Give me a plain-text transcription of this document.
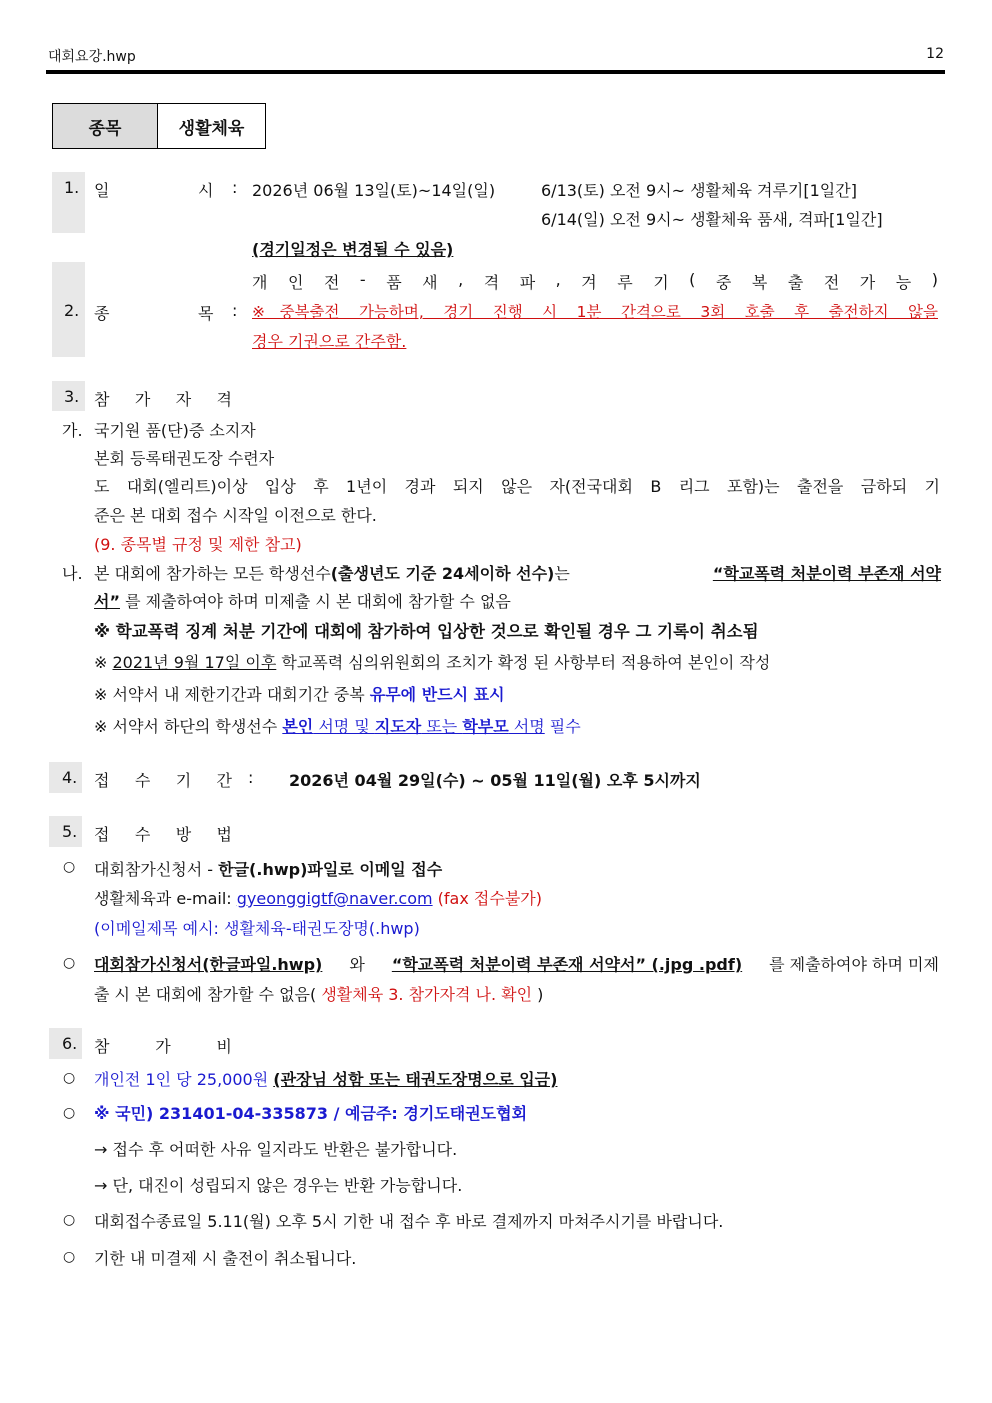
대회요강.hwp	12
종목	생활체육
1. 일	시 : 2026년 06월 13일(토)~14일(일)	6/13(토) 오전 9시~ 생활체육 겨루기[1일간]
6/14(일) 오전 9시~ 생활체육 품새, 격파[1일간]
(경기일정은 변경될 수 있음)
2. 종	목 :
개 인 전 - 품 새 , 격 파 , 겨 루 기 ( 중 복 출 전 가 능 )
※중복출전 가능하며, 경기 진행 시 1분 간격으로 3회 호출 후 출전하지 않을
경우 기권으로 간주함.
3. 참 가 자 격
가. 국기원 품(단)증 소지자
본회 등록태권도장 수련자
도 대회(엘리트)이상 입상 후 1년이 경과 되지 않은 자(전국대회 B 리그 포함)는 출전을 금하되 기
준은 본 대회 접수 시작일 이전으로 한다.
(9. 종목별 규정 및 제한 참고)
나. 본 대회에 참가하는 모든 학생선수(출생년도 기준 24세이하 선수)는	“학교폭력 처분이력 부존재 서약
서” 를 제출하여야 하며 미제출 시 본 대회에 참가할 수 없음
※ 학교폭력 징계 처분 기간에 대회에 참가하여 입상한 것으로 확인될 경우 그 기록이 취소됨
※ 2021년 9월 17일 이후 학교폭력 심의위원회의 조치가 확정 된 사항부터 적용하여 본인이 작성
※ 서약서 내 제한기간과 대회기간 중복 유무에 반드시 표시
※ 서약서 하단의 학생선수 본인 서명 및 지도자 또는 학부모 서명 필수
4. 접 수 기 간 : 2026년 04월 29일(수) ~ 05월 11일(월) 오후 5시까지
5. 접 수 방 법
○ 대회참가신청서 - 한글(.hwp)파일로 이메일 접수
생활체육과 e-mail: gyeonggigtf@naver.com (fax 접수불가)
(이메일제목 예시: 생활체육-태권도장명(.hwp)
○ 대회참가신청서(한글파일.hwp) 와 “학교폭력 처분이력 부존재 서약서” (.jpg .pdf) 를 제출하여야 하며 미제
출 시 본 대회에 참가할 수 없음( 생활체육 3. 참가자격 나. 확인 )
6. 참	가	비
○ 개인전 1인 당 25,000원 (관장님 성함 또는 태권도장명으로 입금)
○ ※ 국민) 231401-04-335873 / 예금주: 경기도태권도협회
→ 접수 후 어떠한 사유 일지라도 반환은 불가합니다.
→ 단, 대진이 성립되지 않은 경우는 반환 가능합니다.
○ 대회접수종료일 5.11(월) 오후 5시 기한 내 접수 후 바로 결제까지 마쳐주시기를 바랍니다.
○ 기한 내 미결제 시 출전이 취소됩니다.
